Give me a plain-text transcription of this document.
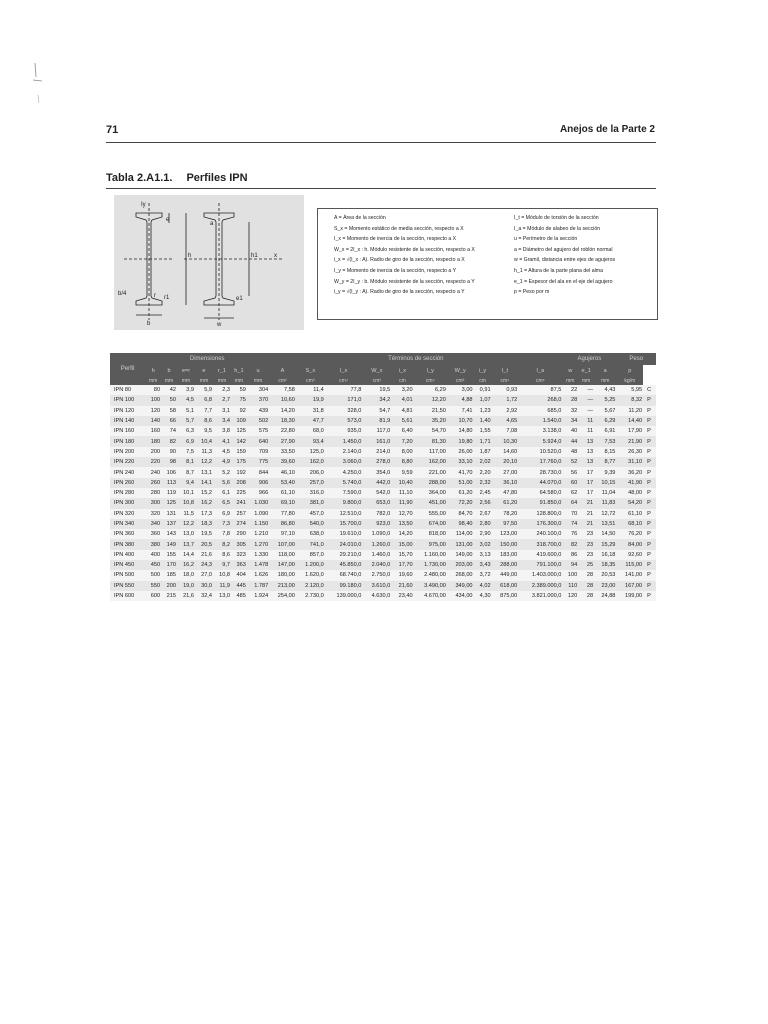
71	Anejos de la Parte 2
Tabla 2.A1.1. Perfiles IPN
Iy
e
h	h1	x
b/4	r r1
b	w
e1
a
A = Área de la sección
S_x = Momento estático de media sección, respecto a X
I_x = Momento de inercia de la sección, respecto a X
W_x = 2I_x : h. Módulo resistente de la sección, respecto a X
i_x = √(I_x : A). Radio de giro de la sección, respecto a X
I_y = Momento de inercia de la sección, respecto a Y
W_y = 2I_y : b. Módulo resistente de la sección, respecto a Y
i_y = √(I_y : A). Radio de giro de la sección, respecto a Y
I_t = Módulo de torsión de la sección
I_a = Módulo de alabeo de la sección
u = Perímetro de la sección
a = Diámetro del agujero del roblón normal
w = Gramil, distancia entre ejes de agujeros
h_1 = Altura de la parte plana del alma
e_1 = Espesor del ala en el eje del agujero
p = Peso por m
Perfil	Dimensiones							Términos de sección										Agujeros			Peso	
	h	b	e=r	e	r_1	h_1	u	A	S_x	I_x	W_x	i_x	I_y	W_y	i_y	I_t	I_a	w	e_1	a	p	
	mm	mm	mm	mm	mm	mm	mm	cm²	cm³	cm⁴	cm³	cm	cm⁴	cm³	cm	cm⁴	cm⁶	mm	mm	mm	kg/m	
IPN 80	80	42	3,9	5,9	2,3	59	304	7,58	11,4	77,8	19,5	3,20	6,29	3,00	0,91	0,93	87,5	22	—	4,43	5,95	C
IPN 100	100	50	4,5	6,8	2,7	75	370	10,60	19,9	171,0	34,2	4,01	12,20	4,88	1,07	1,72	268,0	28	—	5,25	8,32	P
IPN 120	120	58	5,1	7,7	3,1	92	439	14,20	31,8	328,0	54,7	4,81	21,50	7,41	1,23	2,92	685,0	32	—	5,67	11,20	P
IPN 140	140	66	5,7	8,6	3,4	109	502	18,30	47,7	573,0	81,9	5,61	35,20	10,70	1,40	4,65	1.540,0	34	11	6,29	14,40	P
IPN 160	160	74	6,3	9,5	3,8	125	575	22,80	68,0	935,0	117,0	6,40	54,70	14,80	1,55	7,08	3.138,0	40	11	6,91	17,90	P
IPN 180	180	82	6,9	10,4	4,1	142	640	27,90	93,4	1.450,0	161,0	7,20	81,30	19,80	1,71	10,30	5.924,0	44	13	7,53	21,90	P
IPN 200	200	90	7,5	11,3	4,5	159	709	33,50	125,0	2.140,0	214,0	8,00	117,00	26,00	1,87	14,60	10.520,0	48	13	8,15	26,30	P
IPN 220	220	98	8,1	12,2	4,9	175	775	39,60	162,0	3.060,0	278,0	8,80	162,00	33,10	2,02	20,10	17.760,0	52	13	8,77	31,10	P
IPN 240	240	106	8,7	13,1	5,2	192	844	46,10	206,0	4.250,0	354,0	9,59	221,00	41,70	2,20	27,00	28.730,0	56	17	9,39	36,20	P
IPN 260	260	113	9,4	14,1	5,6	208	906	53,40	257,0	5.740,0	442,0	10,40	288,00	51,00	2,32	36,10	44.070,0	60	17	10,15	41,90	P
IPN 280	280	119	10,1	15,2	6,1	225	966	61,10	316,0	7.590,0	542,0	11,10	364,00	61,20	2,45	47,80	64.580,0	62	17	11,04	48,00	P
IPN 300	300	125	10,8	16,2	6,5	241	1.030	69,10	381,0	9.800,0	653,0	11,90	451,00	72,20	2,56	61,20	91.850,0	64	21	11,83	54,20	P
IPN 320	320	131	11,5	17,3	6,9	257	1.090	77,80	457,0	12.510,0	782,0	12,70	555,00	84,70	2,67	78,20	128.800,0	70	21	12,72	61,10	P
IPN 340	340	137	12,2	18,3	7,3	274	1.150	86,80	540,0	15.700,0	923,0	13,50	674,00	98,40	2,80	97,50	176.300,0	74	21	13,51	68,10	P
IPN 360	360	143	13,0	19,5	7,8	290	1.210	97,10	638,0	19.610,0	1.090,0	14,20	818,00	114,00	2,90	123,00	240.100,0	76	23	14,50	76,20	P
IPN 380	380	149	13,7	20,5	8,2	305	1.270	107,00	741,0	24.010,0	1.260,0	15,00	975,00	131,00	3,02	150,00	318.700,0	82	23	15,29	84,00	P
IPN 400	400	155	14,4	21,6	8,6	323	1.330	118,00	857,0	29.210,0	1.460,0	15,70	1.160,00	149,00	3,13	183,00	419.600,0	86	23	16,18	92,60	P
IPN 450	450	170	16,2	24,3	9,7	363	1.478	147,00	1.200,0	45.850,0	2.040,0	17,70	1.730,00	203,00	3,43	288,00	791.100,0	94	25	18,35	115,00	P
IPN 500	500	185	18,0	27,0	10,8	404	1.626	180,00	1.620,0	68.740,0	2.750,0	19,60	2.480,00	268,00	3,72	449,00	1.403.000,0	100	28	20,53	141,00	P
IPN 550	550	200	19,0	30,0	11,9	445	1.787	213,00	2.120,0	99.180,0	3.610,0	21,60	3.490,00	349,00	4,02	618,00	2.389.000,0	110	28	23,00	167,00	P
IPN 600	600	215	21,6	32,4	13,0	485	1.924	254,00	2.730,0	139.000,0	4.630,0	23,40	4.670,00	434,00	4,30	875,00	3.821.000,0	120	28	24,88	199,00	P
